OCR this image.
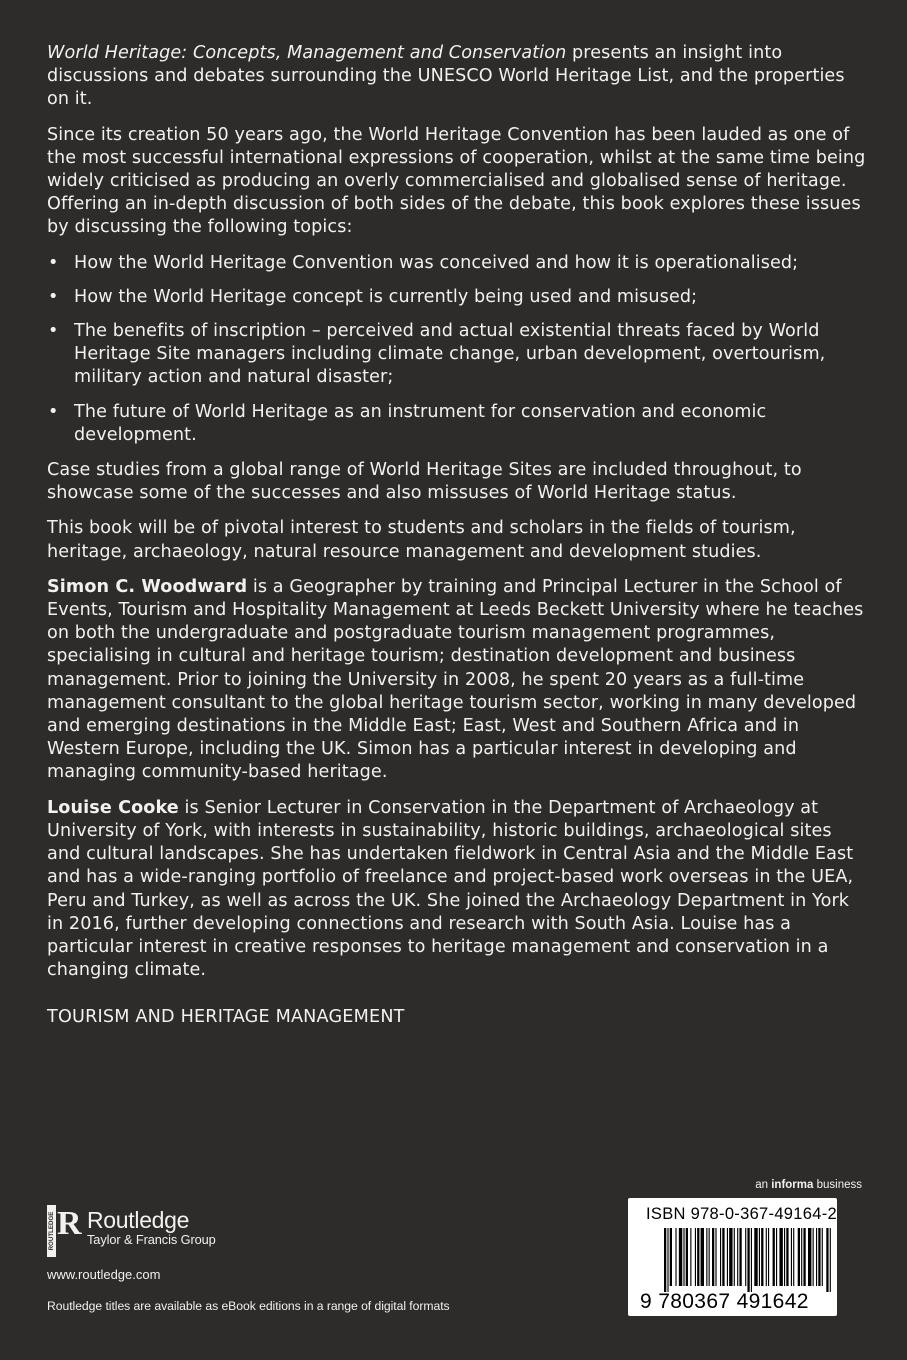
World Heritage: Concepts, Management and Conservation presents an insight into discussions and debates surrounding the UNESCO World Heritage List, and the properties on it.

Since its creation 50 years ago, the World Heritage Convention has been lauded as one of the most successful international expressions of cooperation, whilst at the same time being widely criticised as producing an overly commercialised and globalised sense of heritage. Offering an in-depth discussion of both sides of the debate, this book explores these issues by discussing the following topics:

• How the World Heritage Convention was conceived and how it is operationalised;
• How the World Heritage concept is currently being used and misused;
• The benefits of inscription – perceived and actual existential threats faced by World Heritage Site managers including climate change, urban development, overtourism, military action and natural disaster;
• The future of World Heritage as an instrument for conservation and economic development.

Case studies from a global range of World Heritage Sites are included throughout, to showcase some of the successes and also missuses of World Heritage status.

This book will be of pivotal interest to students and scholars in the fields of tourism, heritage, archaeology, natural resource management and development studies.

Simon C. Woodward is a Geographer by training and Principal Lecturer in the School of Events, Tourism and Hospitality Management at Leeds Beckett University where he teaches on both the undergraduate and postgraduate tourism management programmes, specialising in cultural and heritage tourism; destination development and business management. Prior to joining the University in 2008, he spent 20 years as a full-time management consultant to the global heritage tourism sector, working in many developed and emerging destinations in the Middle East; East, West and Southern Africa and in Western Europe, including the UK. Simon has a particular interest in developing and managing community-based heritage.

Louise Cooke is Senior Lecturer in Conservation in the Department of Archaeology at University of York, with interests in sustainability, historic buildings, archaeological sites and cultural landscapes. She has undertaken fieldwork in Central Asia and the Middle East and has a wide-ranging portfolio of freelance and project-based work overseas in the UEA, Peru and Turkey, as well as across the UK. She joined the Archaeology Department in York in 2016, further developing connections and research with South Asia. Louise has a particular interest in creative responses to heritage management and conservation in a changing climate.

TOURISM AND HERITAGE MANAGEMENT
an informa business
ROUTLEDGE R Routledge
Taylor & Francis Group
www.routledge.com
Routledge titles are available as eBook editions in a range of digital formats
ISBN 978-0-367-49164-2
9 780367 491642
